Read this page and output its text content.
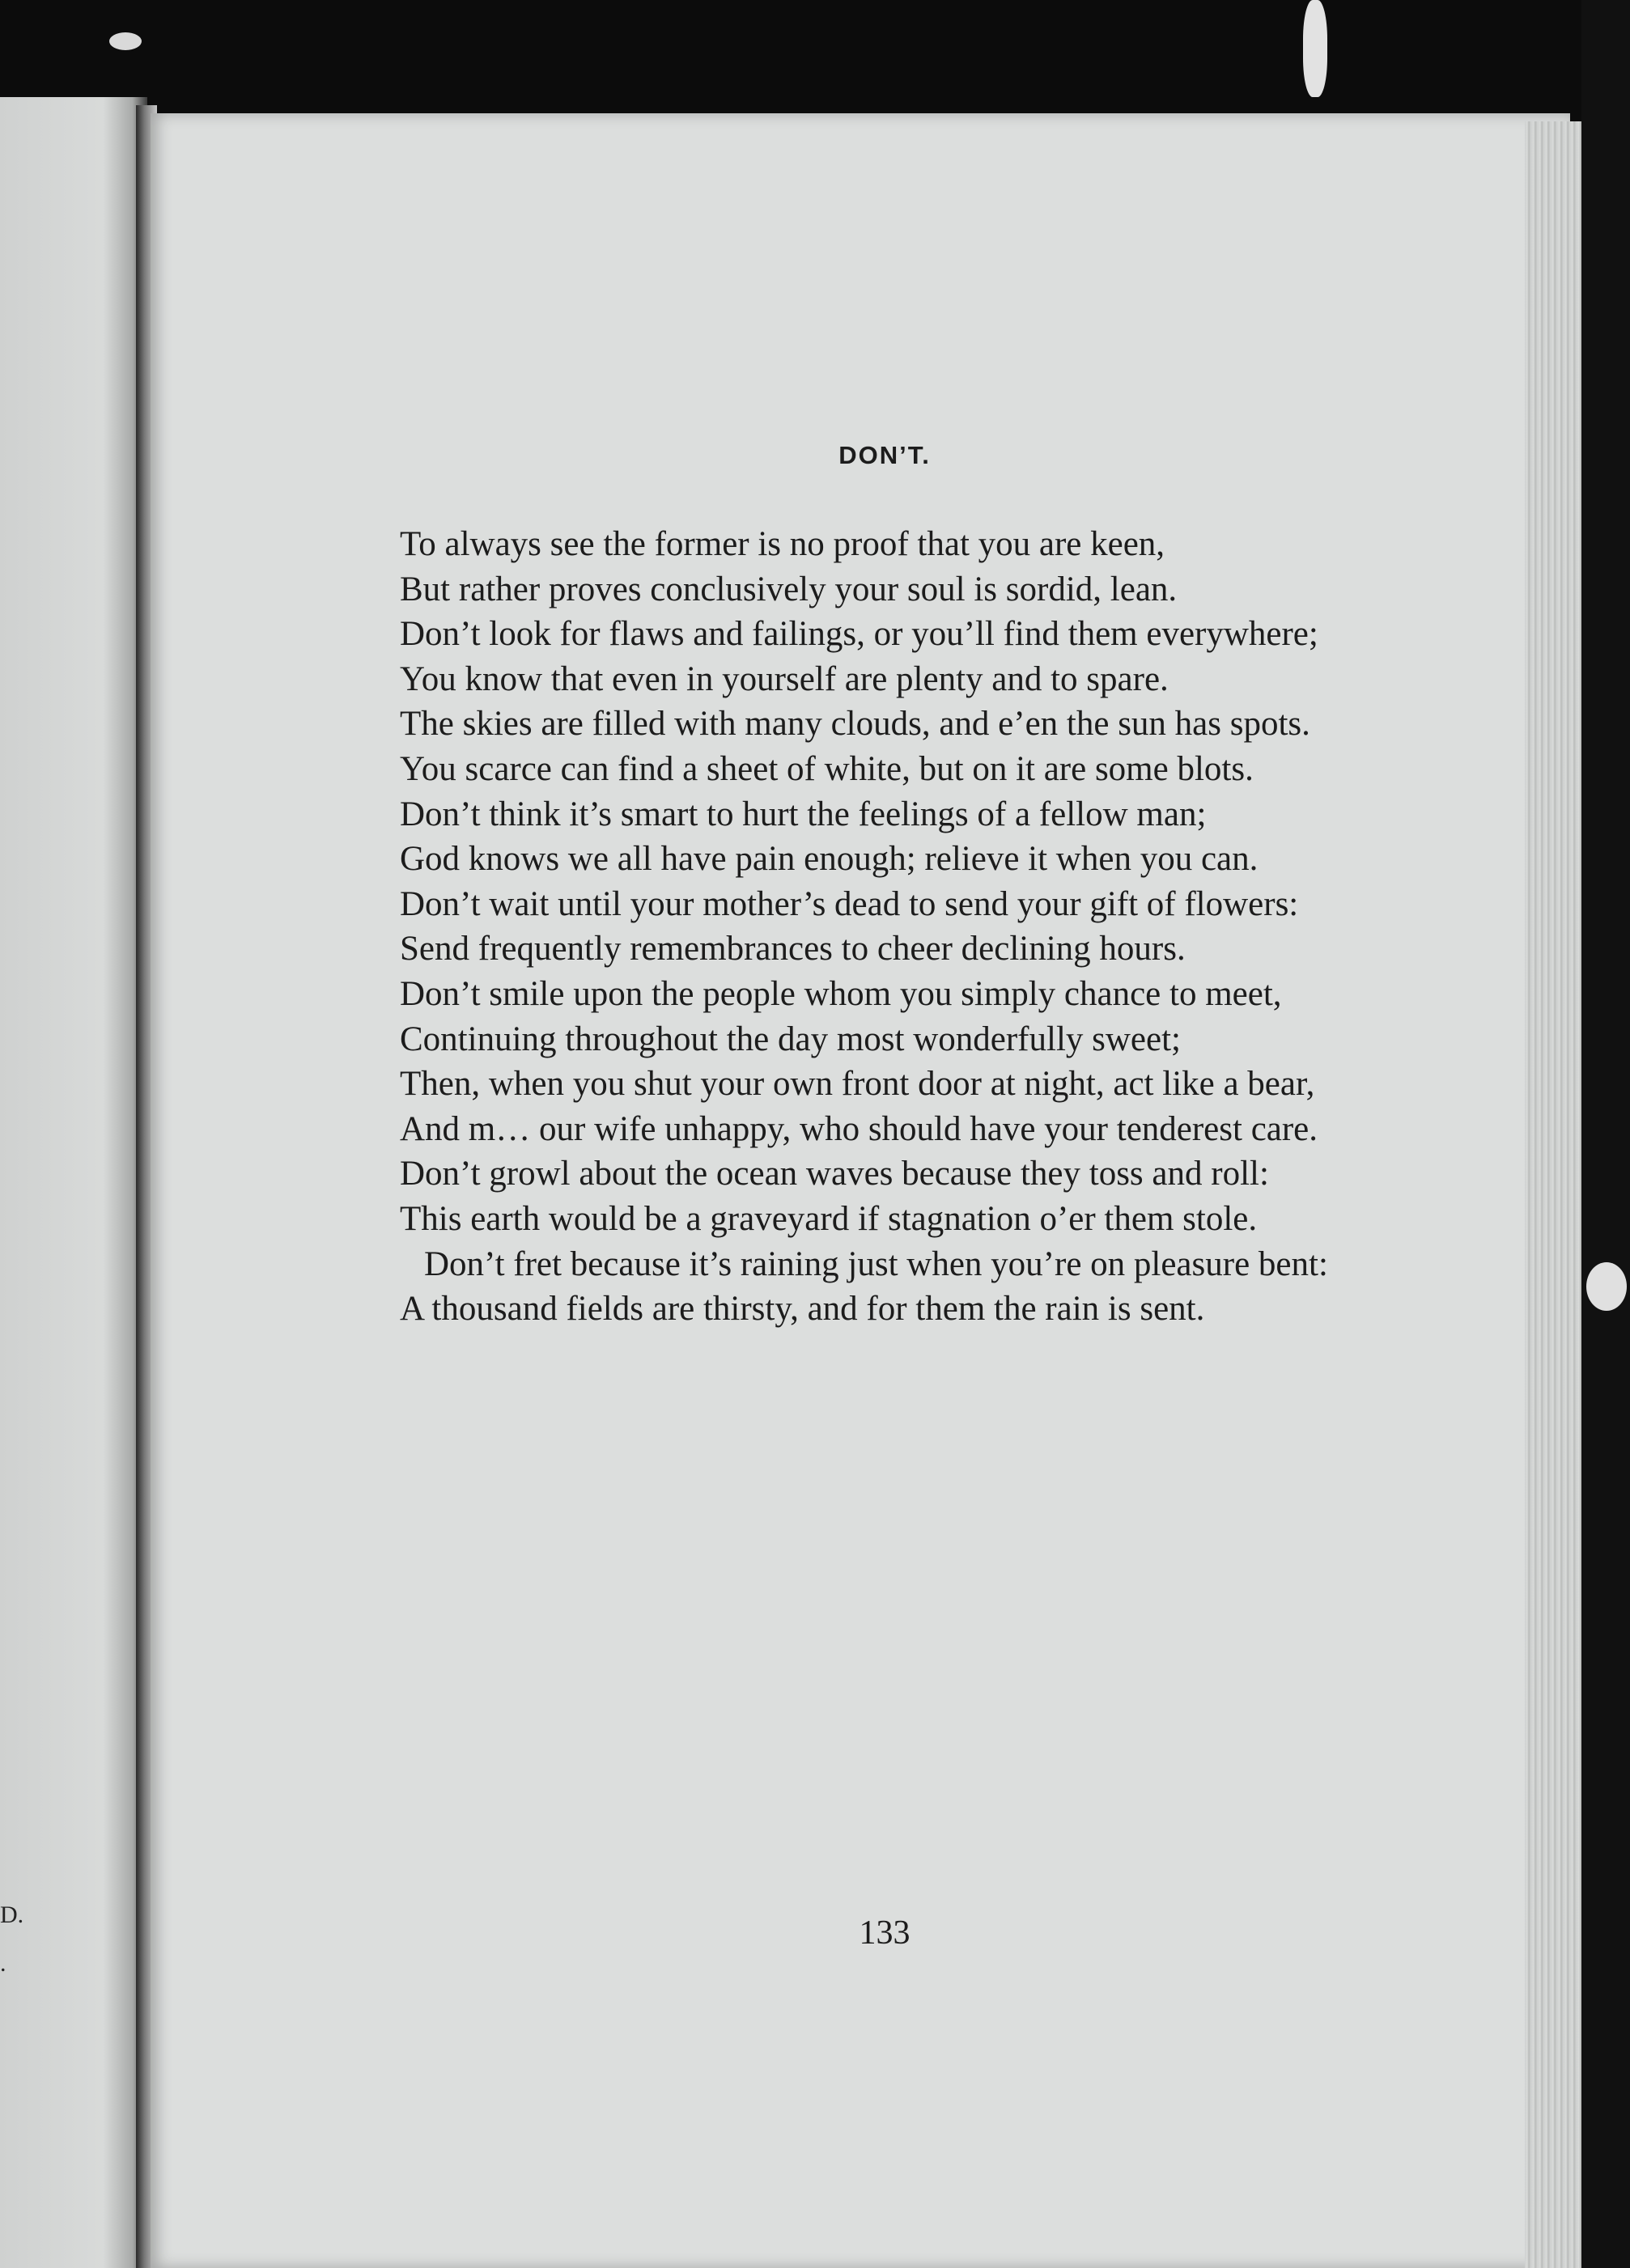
D.
.
DON’T.
To always see the former is no proof that you are keen,
But rather proves conclusively your soul is sordid, lean.
Don’t look for flaws and failings, or you’ll find them everywhere;
You know that even in yourself are plenty and to spare.
The skies are filled with many clouds, and e’en the sun has spots.
You scarce can find a sheet of white, but on it are some blots.
Don’t think it’s smart to hurt the feelings of a fellow man;
God knows we all have pain enough; relieve it when you can.
Don’t wait until your mother’s dead to send your gift of flowers:
Send frequently remembrances to cheer declining hours.
Don’t smile upon the people whom you simply chance to meet,
Continuing throughout the day most wonderfully sweet;
Then, when you shut your own front door at night, act like a bear,
And m… our wife unhappy, who should have your tenderest care.
Don’t growl about the ocean waves because they toss and roll:
This earth would be a graveyard if stagnation o’er them stole.
Don’t fret because it’s raining just when you’re on pleasure bent:
A thousand fields are thirsty, and for them the rain is sent.
133
